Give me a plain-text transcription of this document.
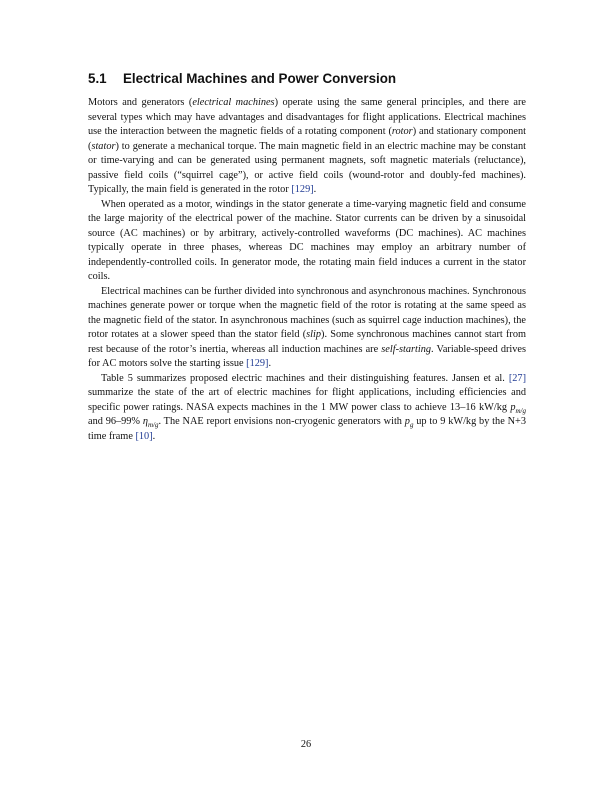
5.1 Electrical Machines and Power Conversion

Motors and generators (electrical machines) operate using the same general principles, and there are several types which may have advantages and disadvantages for flight applications. Electrical machines use the interaction between the magnetic fields of a rotating component (rotor) and stationary component (stator) to generate a mechanical torque. The main magnetic field in an electric machine may be constant or time-varying and can be generated using permanent magnets, soft magnetic materials (reluctance), passive field coils (“squirrel cage”), or active field coils (wound-rotor and doubly-fed machines). Typically, the main field is generated in the rotor [129].

When operated as a motor, windings in the stator generate a time-varying magnetic field and consume the large majority of the electrical power of the machine. Stator currents can be driven by a sinusoidal source (AC machines) or by arbitrary, actively-controlled waveforms (DC machines). AC machines typically operate in three phases, whereas DC machines may employ an arbitrary number of independently-controlled coils. In generator mode, the rotating main field induces a current in the stator coils.

Electrical machines can be further divided into synchronous and asynchronous machines. Synchronous machines generate power or torque when the magnetic field of the rotor is rotating at the same speed as the magnetic field of the stator. In asynchronous machines (such as squirrel cage induction machines), the rotor rotates at a slower speed than the stator field (slip). Some synchronous machines cannot start from rest because of the rotor’s inertia, whereas all induction machines are self-starting. Variable-speed drives for AC motors solve the starting issue [129].

Table 5 summarizes proposed electric machines and their distinguishing features. Jansen et al. [27] summarize the state of the art of electric machines for flight applications, including efficiencies and specific power ratings. NASA expects machines in the 1 MW power class to achieve 13–16 kW/kg $p_{m/g}$ and 96–99% $\eta_{m/g}$. The NAE report envisions non-cryogenic generators with $p_g$ up to 9 kW/kg by the N+3 time frame [10].

26
